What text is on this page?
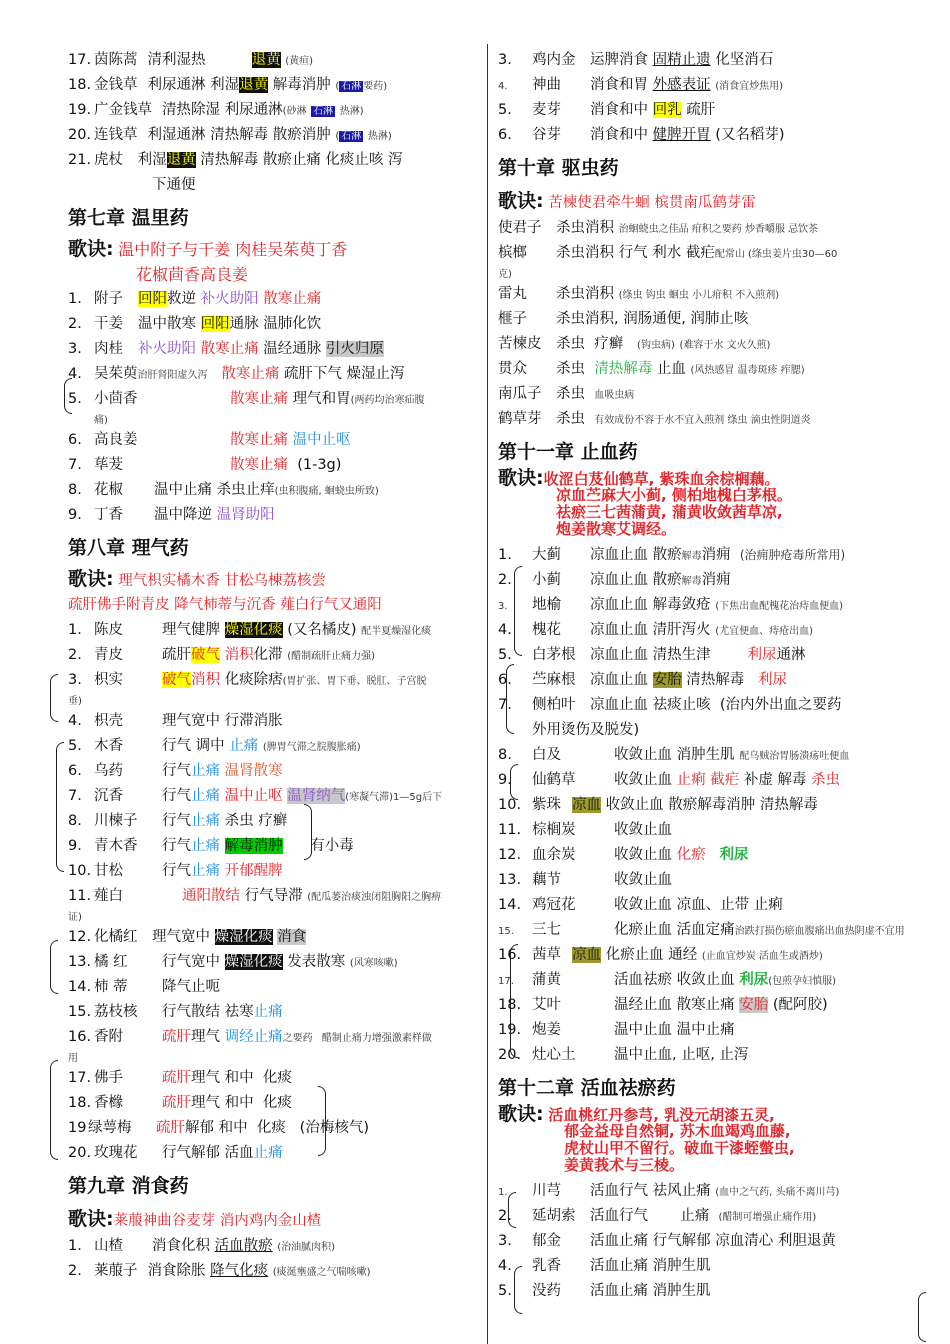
17. 茵陈蒿 清利湿热	退黄 (黄疸)
18. 金钱草 利尿通淋 利湿退黄 解毒消肿 ( 石淋 要药)
19. 广金钱草 清热除湿 利尿通淋(砂淋 石淋 热淋)
20. 连钱草 利湿通淋 清热解毒 散瘀消肿 ( 石淋 热淋)
21. 虎杖 利湿退黄 清热解毒 散瘀止痛 化痰止咳 泻
下通便
第七章 温里药
歌诀: 温中附子与干姜 肉桂吴茱萸丁香
花椒茴香高良姜
1. 附子 回阳救逆 补火助阳 散寒止痛
2. 干姜 温中散寒 回阳通脉 温肺化饮
3. 肉桂 补火助阳 散寒止痛 温经通脉 引火归原
4. 吴茱萸治肝肾阳虚久泻 散寒止痛 疏肝下气 燥湿止泻
5. 小茴香	散寒止痛 理气和胃(两药均治寒疝腹
痛)
6. 高良姜	散寒止痛 温中止呕
7. 荜茇	散寒止痛 (1-3g)
8. 花椒 温中止痛 杀虫止痒(虫积腹痛, 蛔蛲虫所致)
9. 丁香 温中降逆 温肾助阳
第八章 理气药
歌诀: 理气枳实橘木香 甘松乌棟荔核尝
疏肝佛手附青皮 降气柿蒂与沉香 薤白行气又通阳
1. 陈皮	理气健脾 燥湿化痰 (又名橘皮) 配半夏燥湿化痰
2. 青皮	疏肝破气 消积化滞 (醋制疏肝止痛力强)
3. 枳实	破气消积 化痰除痞(胃扩张、胃下垂、脱肛、子宫脱
垂)
4. 枳壳	理气宽中 行滞消胀
5. 木香	行气 调中 止痛 (脾胃气滞之脘腹胀痛)
6. 乌药	行气止痛 温肾散寒
7. 沉香	行气止痛 温中止呕 温肾纳气(寒凝气滞)1—5g后下
8. 川楝子 行气止痛 杀虫 疗癣
9. 青木香 行气止痛 解毒消肿 有小毒
10. 甘松	行气止痛 开郁醒脾
11. 薤白	通阳散结 行气导滞 (配瓜蒌治痰浊闭阻胸阳之胸痹
证)
12. 化橘红 理气宽中 燥湿化痰 消食
13. 橘 红 行气宽中 燥湿化痰 发表散寒 (风寒咳嗽)
14. 柿 蒂 降气止呃
15. 荔枝核 行气散结 祛寒止痛
16. 香附	疏肝理气 调经止痛之要药 醋制止痛力增强激素样做
用
17. 佛手	疏肝理气 和中 化痰
18. 香橼	疏肝理气 和中 化痰
19 绿萼梅 疏肝解郁 和中 化痰 (治梅核气)
20. 玫瑰花 行气解郁 活血止痛
第九章 消食药
歌诀:莱菔神曲谷麦芽 消内鸡内金山楂
1. 山楂 消食化积 活血散瘀 (治油腻肉积)
2. 莱菔子 消食除胀 降气化痰 (痰涎壅盛之气喘咳嗽)
3. 鸡内金 运脾消食 固精止遗 化坚消石
4. 神曲 消食和胃 外感表证 (消食宜炒焦用)
5. 麦芽 消食和中 回乳 疏肝
6. 谷芽 消食和中 健脾开胃 (又名稻芽)
第十章 驱虫药
歌诀: 苦楝使君牵牛蛔 槟贯南瓜鹤芽雷
使君子 杀虫消积 治蛔蛲虫之佳品 疳积之要药 炒香嚼服 忌饮茶
槟榔 杀虫消积 行气 利水 截疟配常山 (绦虫姜片虫30—60
克)
雷丸 杀虫消积 (绦虫 钩虫 蛔虫 小儿疳积 不入煎剂)
榧子 杀虫消积, 润肠通便, 润肺止咳
苦楝皮 杀虫 疗癣 (钩虫病) (难容于水 文火久煎)
贯众 杀虫 清热解毒 止血 (风热感冒 温毒斑疹 痄腮)
南瓜子 杀虫 血吸虫病
鹤草芽 杀虫 有效成份不容于水不宜入煎剂 绦虫 滴虫性阴道炎
第十一章 止血药
歌诀:收涩白芨仙鹤草, 紫珠血余棕榈藕。
凉血苎麻大小蓟, 侧柏地槐白茅根。
祛瘀三七茜蒲黄, 蒲黄收敛茜草凉,
炮姜散寒艾调经。
1. 大蓟 凉血止血 散瘀解毒消痈 (治痈肿疮毒所常用)
2. 小蓟 凉血止血 散瘀解毒消痈
3. 地榆 凉血止血 解毒敛疮 (下焦出血配槐花治痔血便血)
4. 槐花 凉血止血 清肝泻火 (尤宜便血、痔疮出血)
5. 白茅根 凉血止血 清热生津	利尿通淋
6. 苎麻根 凉血止血 安胎 清热解毒 利尿
7. 侧柏叶 凉血止血 祛痰止咳 (治内外出血之要药
外用烫伤及脱发)
8. 白及	收敛止血 消肿生肌 配乌贼治胃肠溃疡吐便血
9. 仙鹤草	收敛止血 止痢 截疟 补虚 解毒 杀虫
10. 紫珠 凉血 收敛止血 散瘀解毒消肿 清热解毒
11. 棕榈炭	收敛止血
12. 血余炭	收敛止血 化瘀 利尿
13. 藕节	收敛止血
14. 鸡冠花	收敛止血 凉血、止带 止痢
15. 三七	化瘀止血 活血定痛治跌打损伤瘀血腹痛出血热阴虚不宜用
16. 茜草 凉血 化瘀止血 通经 (止血宜炒炭 活血生或酒炒)
17. 蒲黄	活血祛瘀 收敛止血 利尿(包煎孕妇慎服)
18. 艾叶	温经止血 散寒止痛 安胎 (配阿胶)
19. 炮姜	温中止血 温中止痛
20. 灶心土	温中止血, 止呕, 止泻
第十二章 活血祛瘀药
歌诀: 活血桃红丹参芎, 乳没元胡漆五灵,
郁金益母自然铜, 苏木血竭鸡血藤,
虎杖山甲不留行。破血干漆蛭螫虫,
姜黄莪术与三棱。
1. 川芎 活血行气 祛风止痛 (血中之气药, 头痛不离川芎)
2. 延胡索 活血行气 止痛 (醋制可增强止痛作用)
3. 郁金 活血止痛 行气解郁 凉血清心 利胆退黄
4. 乳香 活血止痛 消肿生肌
5. 没药 活血止痛 消肿生肌
